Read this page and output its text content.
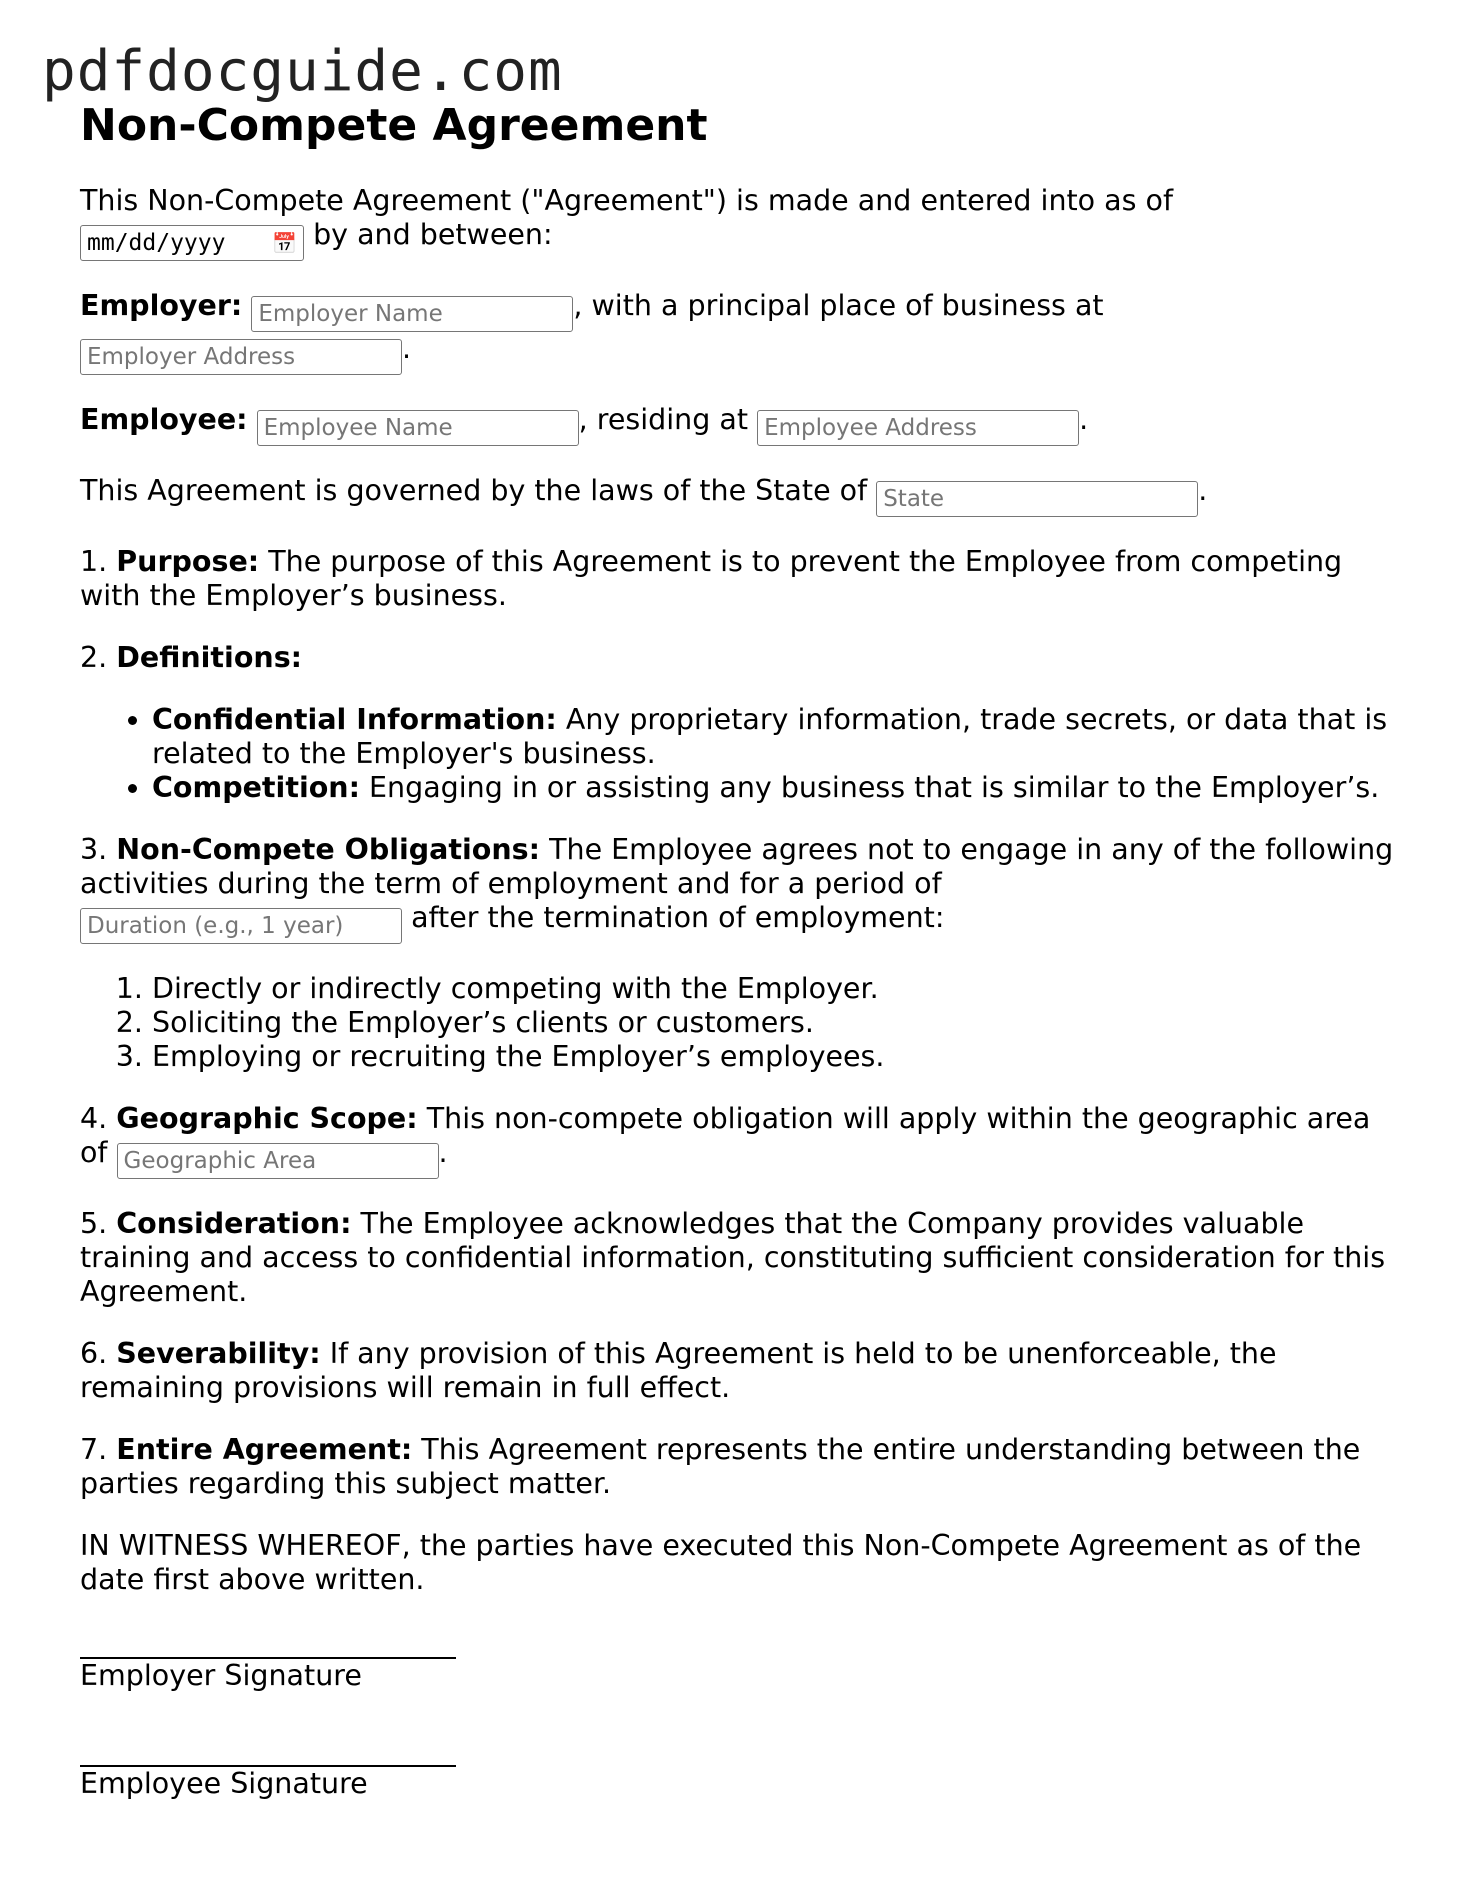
pdfdocguide.com
Non-Compete Agreement

This Non-Compete Agreement ("Agreement") is made and entered into as of

mm/dd/yyyy 📅 by and between:

Employer: Employer Name	, with a principal place of business at
Employer Address.

Employee: Employee Name	, residing at Employee Address	.

This Agreement is governed by the laws of the State of State	.

1. Purpose: The purpose of this Agreement is to prevent the Employee from competing with the Employer’s business.

2. Definitions:

• Confidential Information: Any proprietary information, trade secrets, or data that is related to the Employer's business.
• Competition: Engaging in or assisting any business that is similar to the Employer’s.

3. Non-Compete Obligations: The Employee agrees not to engage in any of the following activities during the term of employment and for a period of
Duration (e.g., 1 year) after the termination of employment:

1. Directly or indirectly competing with the Employer.
2. Soliciting the Employer’s clients or customers.
3. Employing or recruiting the Employer’s employees.

4. Geographic Scope: This non-compete obligation will apply within the geographic area of Geographic Area	.

5. Consideration: The Employee acknowledges that the Company provides valuable training and access to confidential information, constituting sufficient consideration for this Agreement.

6. Severability: If any provision of this Agreement is held to be unenforceable, the remaining provisions will remain in full effect.

7. Entire Agreement: This Agreement represents the entire understanding between the parties regarding this subject matter.

IN WITNESS WHEREOF, the parties have executed this Non-Compete Agreement as of the date first above written.

Employer Signature
Employee Signature
